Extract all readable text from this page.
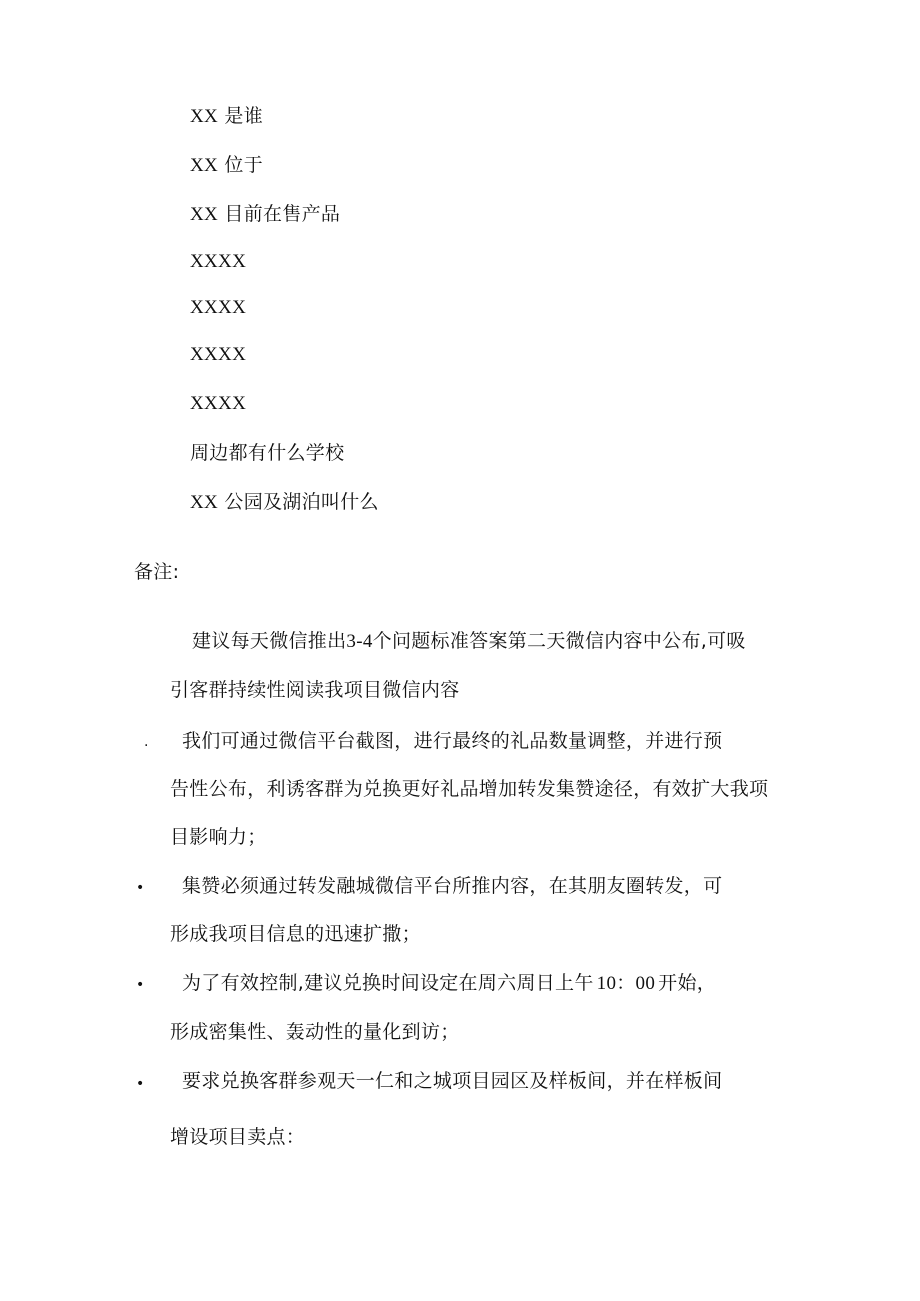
XX 是谁
XX 位于
XX 目前在售产品
XXXX
XXXX
XXXX
XXXX
周边都有什么学校
XX 公园及湖泊叫什么
备注:
建议每天微信推出3-4个问题标准答案第二天微信内容中公布,可吸
引客群持续性阅读我项目微信内容
. 我们可通过微信平台截图，进行最终的礼品数量调整，并进行预
告性公布，利诱客群为兑换更好礼品增加转发集赞途径，有效扩大我项
目影响力；
• 集赞必须通过转发融城微信平台所推内容，在其朋友圈转发，可
形成我项目信息的迅速扩撒；
• 为了有效控制,建议兑换时间设定在周六周日上午 10：00 开始，
形成密集性、轰动性的量化到访；
• 要求兑换客群参观天一仁和之城项目园区及样板间，并在样板间
增设项目卖点：
